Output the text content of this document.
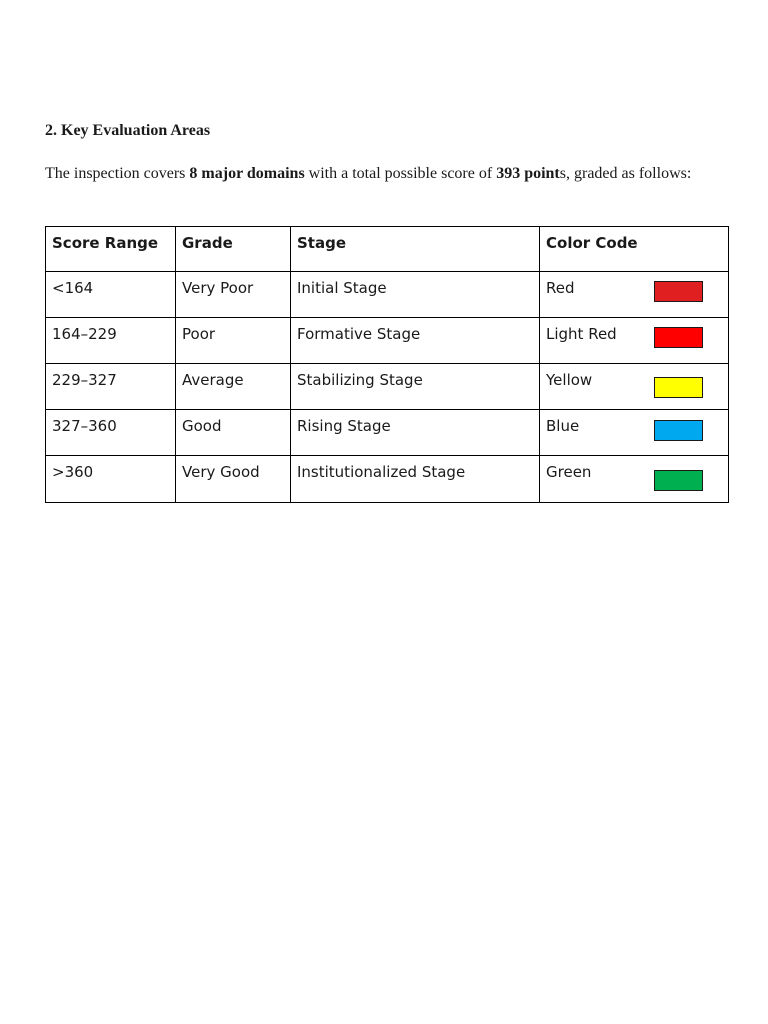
2. Key Evaluation Areas
The inspection covers 8 major domains with a total possible score of 393 points, graded as follows:
Score Range	Grade	Stage	Color Code
<164	Very Poor	Initial Stage	Red

164–229	Poor	Formative Stage	Light Red

229–327	Average	Stabilizing Stage	Yellow

327–360	Good	Rising Stage	Blue

>360	Very Good	Institutionalized Stage	Green
